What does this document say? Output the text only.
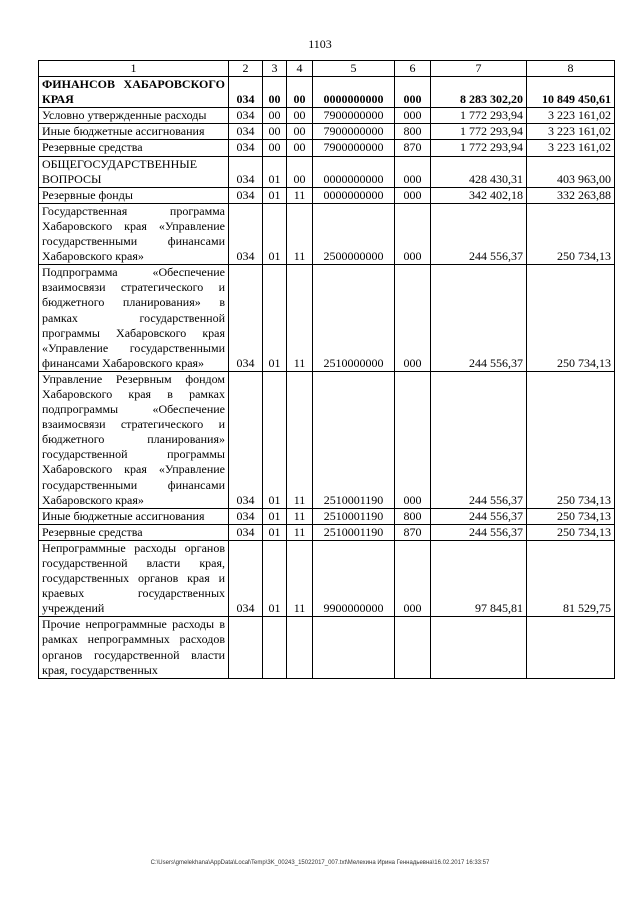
1103
1	2	3	4	5	6	7	8
ФИНАНСОВ ХАБАРОВСКОГО КРАЯ	034	00	00	0000000000	000	8 283 302,20	10 849 450,61
Условно утвержденные расходы	034	00	00	7900000000	000	1 772 293,94	3 223 161,02
Иные бюджетные ассигнования	034	00	00	7900000000	800	1 772 293,94	3 223 161,02
Резервные средства	034	00	00	7900000000	870	1 772 293,94	3 223 161,02
ОБЩЕГОСУДАРСТВЕННЫЕ ВОПРОСЫ	034	01	00	0000000000	000	428 430,31	403 963,00
Резервные фонды	034	01	11	0000000000	000	342 402,18	332 263,88
Государственная программа Хабаровского края «Управление государственными финансами Хабаровского края»	034	01	11	2500000000	000	244 556,37	250 734,13
Подпрограмма «Обеспечение взаимосвязи стратегического и бюджетного планирования» в рамках государственной программы Хабаровского края «Управление государственными финансами Хабаровского края»	034	01	11	2510000000	000	244 556,37	250 734,13
Управление Резервным фондом Хабаровского края в рамках подпрограммы «Обеспечение взаимосвязи стратегического и бюджетного планирования» государственной программы Хабаровского края «Управление государственными финансами Хабаровского края»	034	01	11	2510001190	000	244 556,37	250 734,13
Иные бюджетные ассигнования	034	01	11	2510001190	800	244 556,37	250 734,13
Резервные средства	034	01	11	2510001190	870	244 556,37	250 734,13
Непрограммные расходы органов государственной власти края, государственных органов края и краевых государственных учреждений	034	01	11	9900000000	000	97 845,81	81 529,75
Прочие непрограммные расходы в рамках непрограммных расходов органов государственной власти края, государственных							
C:\Users\gmelekhana\AppData\Local\Temp\3K_00243_15022017_007.txt\Мелехина Ирина Геннадьевна\16.02.2017 16:33:57
